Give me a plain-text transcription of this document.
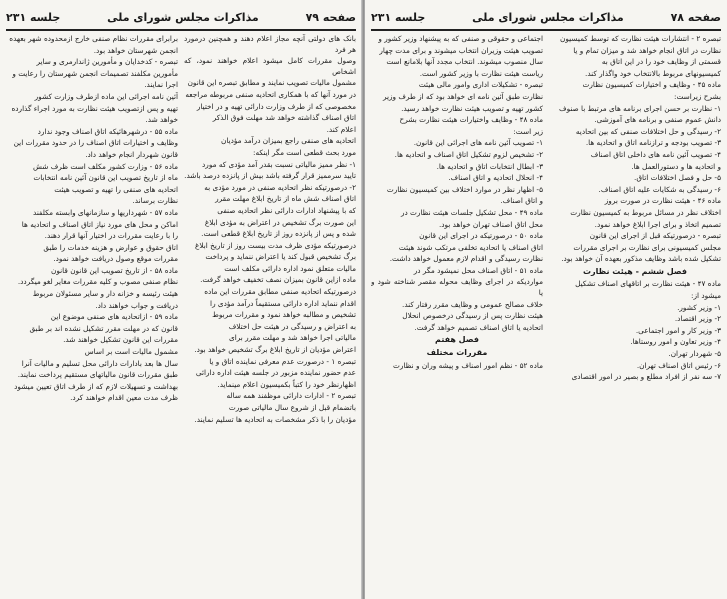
صفحه ۷۹
مذاکرات مجلس شورای ملی
جلسه ۲۳۱

بانک های دولتی آنچه مجاز اعلام دهند و همچنین درمورد هر فرد

وصول مقررات کامل میشود اعلام خواهند نمود، که اشخاص

مشمول مالیات تصویب نمایند و مطابق تبصره این قانون

در مورد آنها که با همکاری اتحادیه صنفی مربوطه مراجعه

مخصوصی که از طرف وزارت دارائی تهیه و در اختیار

اتاق اصناف گذاشته خواهد شد مهلت فوق الذکر

اعلام کند.

اتحادیه های صنفی راجع بمیزان درآمد مؤدیان

مورد بحث قطعی است مگر اینکه:

۱- نظر ممیز مالیاتی نسبت بقدر آمد مؤدی که مورد

تایید سرممیز قرار گرفته باشد بیش از پانزده درصد باشد.

۲- درصورتیکه نظر اتحادیه صنفی در مورد مؤدی به

اتاق اصناف شش ماه از تاریخ ابلاغ مهلت مقرر

که با پیشنهاد ادارات دارائی نظر اتحادیه صنفی

این صورت برگ تشخیص در اعتراض به مؤدی ابلاغ

شده و پس از پانزده روز از تاریخ ابلاغ قطعی است.

درصورتیکه مؤدی ظرف مدت بیست روز از تاریخ ابلاغ

برگ تشخیص قبول کند یا اعتراض ننماید و پرداخت

مالیات متعلق نمود اداره دارائی مکلف است

ماده ازاین قانون بمیزان نصف تخفیف خواهد گرفت.

درصورتیکه اتحادیه صنفی مطابق مقررات این ماده

اقدام ننماید اداره دارائی مستقیماً درآمد مؤدی را

تشخیص و مطالبه خواهد نمود و مقررات مربوط

به اعتراض و رسیدگی در هیئت حل اختلاف

مالیاتی اجرا خواهد شد و مهلت مقرر برای

اعتراض مؤدیان از تاریخ ابلاغ برگ تشخیص خواهد بود.

تبصره ۱ - درصورت عدم معرفی نماینده اتاق و یا

عدم حضور نماینده مزبور در جلسه هیئت اداره دارائی

اظهارنظر خود را کتباً بکمیسیون اعلام مینماید.

تبصره ۲ - ادارات دارائی موظفند همه ساله

باتضمام قبل از شروع سال مالیاتی صورت

مؤدیان را با ذکر مشخصات به اتحادیه ها تسلیم نمایند.

برابرای مقررات نظام صنفی خارج ازمحدوده شهر بعهده

انجمن شهرستان خواهد بود.

تبصره - کدخدایان و مأمورین ژاندارمری و سایر

مأمورین مکلفند تصمیمات انجمن شهرستان را رعایت و

اجرا نمایند.

آئین نامه اجرائی این ماده ازطرف وزارت کشور

تهیه و پس ازتصویب هیئت نظارت به مورد اجراء گذارده

خواهد شد.

ماده ۵۵ - درشهرهائیکه اتاق اصناف وجود ندارد

وظایف و اختیارات اتاق اصناف را در حدود مقررات این

قانون شهردار انجام خواهد داد.

ماده ۵۶ - وزارت کشور مکلف است ظرف شش

ماه از تاریخ تصویب این قانون آئین نامه انتخابات

اتحادیه های صنفی را تهیه و تصویب هیئت

نظارت برساند.

ماده ۵۷ - شهرداریها و سازمانهای وابسته مکلفند

اماکن و محل های مورد نیاز اتاق اصناف و اتحادیه ها

را با رعایت مقررات در اختیار آنها قرار دهند.

اتاق حقوق و عوارض و هزینه خدمات را طبق

مقررات موقع وصول دریافت خواهد نمود.

ماده ۵۸ - از تاریخ تصویب این قانون قانون

نظام صنفی مصوب و کلیه مقررات مغایر لغو میگردد.

هیئت رئیسه و خزانه دار و سایر مسئولان مربوط

دریافت و جواب خواهند داد.

ماده ۵۹ - ازاتحادیه های صنفی موضوع این

قانون که در مهلت مقرر تشکیل نشده اند بر طبق

مقررات این قانون تشکیل خواهند شد.

مشمول مالیات است بر اساس

سال ها بعد بادارات دارائی محل تسلیم و مالیات آنرا

طبق مقررات قانون مالیاتهای مستقیم پرداخت نمایند.

بهداشت و تسهیلات لازم که از طرف اتاق تعیین میشود

ظرف مدت معین اقدام خواهند کرد.

صفحه ۷۸
مذاکرات مجلس شورای ملی
جلسه ۲۳۱

تبصره ۲ - انتشارات هیئت نظارت که توسط کمیسیون

نظارت در اتاق انجام خواهد شد و میزان تمام و یا

قسمتی از وظایف خود را در این اتاق به

کمیسیونهای مربوط بالانتخاب خود واگذار کند.

ماده ۴۵ - وظایف و اختیارات کمیسیون نظارت

بشرح زیراست:

۱- نظارت بر حسن اجرای برنامه های مرتبط با صنوف

دانش عموم صنفی و برنامه های آموزشی.

۲- رسیدگی و حل اختلافات صنفی که بین اتحادیه

۳- تصویب بودجه و ترازنامه اتاق و اتحادیه ها.

۴- تصویب آئین نامه های داخلی اتاق اصناف

و اتحادیه ها و دستورالعمل ها.

۵- حل و فصل اختلافات اتاق.

۶- رسیدگی به شکایات علیه اتاق اصناف.

ماده ۴۶ - هیئت نظارت در صورت بروز

اختلاف نظر در مسائل مربوط به کمیسیون نظارت

تصمیم اتخاذ و برای اجرا ابلاغ خواهد نمود.

تبصره - درصورتیکه قبل از اجرای این قانون

مجلس کمیسیونی برای نظارت بر اجرای مقررات

تشکیل شده باشد وظایف مذکور بعهده آن خواهد بود.

فصل ششم - هیئت نظارت

ماده ۴۷ - هیئت نظارت بر اتاقهای اصناف تشکیل

میشود از:

۱- وزیر کشور.

۲- وزیر اقتصاد.

۳- وزیر کار و امور اجتماعی.

۴- وزیر تعاون و امور روستاها.

۵- شهردار تهران.

۶- رئیس اتاق اصناف تهران.

۷- سه نفر از افراد مطلع و بصیر در امور اقتصادی

اجتماعی و حقوقی و صنفی که به پیشنهاد وزیر کشور و

تصویب هیئت وزیران انتخاب میشوند و برای مدت چهار

سال منصوب میشوند. انتخاب مجدد آنها بلامانع است

ریاست هیئت نظارت با وزیر کشور است.

تبصره - تشکیلات اداری وامور مالی هیئت

نظارت طبق آئین نامه ای خواهد بود که از طرف وزیر

کشور تهیه و تصویب هیئت نظارت خواهد رسید.

ماده ۴۸ - وظایف واختیارات هیئت نظارت بشرح

زیر است:

۱- تصویب آئین نامه های اجرائی این قانون.

۲- تشخیص لزوم تشکیل اتاق اصناف و اتحادیه ها.

۳- ابطال انتخابات اتاق و اتحادیه ها.

۴- انحلال اتحادیه و اتاق اصناف.

۵- اظهار نظر در موارد اختلاف بین کمیسیون نظارت

و اتاق اصناف.

ماده ۴۹ - محل تشکیل جلسات هیئت نظارت در

محل اتاق اصناف تهران خواهد بود.

ماده ۵۰ - درصورتیکه در اجرای این قانون

اتاق اصناف یا اتحادیه تخلفی مرتکب شوند هیئت

نظارت رسیدگی و اقدام لازم معمول خواهد داشت.

ماده ۵۱ - اتاق اصناف محل نمیشود مگر در

مواردیکه در اجرای وظایف محوله مقصر شناخته شود و یا

خلاف مصالح عمومی و وظایف مقرر رفتار کند.

هیئت نظارت پس از رسیدگی درخصوص انحلال

اتحادیه یا اتاق اصناف تصمیم خواهد گرفت.

فصل هفتم

مقررات مختلف

ماده ۵۲ - نظم امور اصناف و پیشه وران و نظارت
